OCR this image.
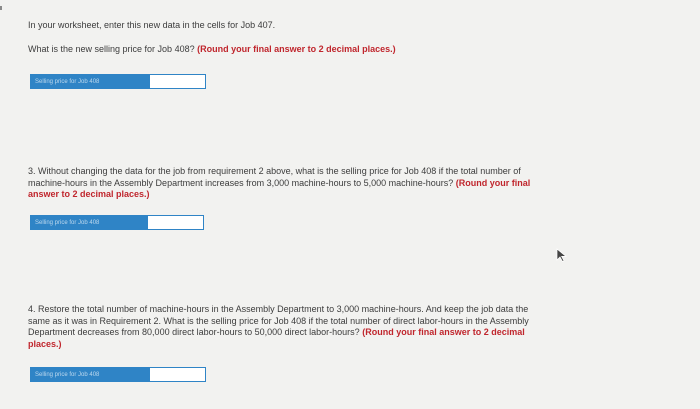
In your worksheet, enter this new data in the cells for Job 407.

What is the new selling price for Job 408? (Round your final answer to 2 decimal places.)

Selling price for Job 408

3. Without changing the data for the job from requirement 2 above, what is the selling price for Job 408 if the total number of
machine-hours in the Assembly Department increases from 3,000 machine-hours to 5,000 machine-hours? (Round your final
answer to 2 decimal places.)

Selling price for Job 408

4. Restore the total number of machine-hours in the Assembly Department to 3,000 machine-hours. And keep the job data the
same as it was in Requirement 2. What is the selling price for Job 408 if the total number of direct labor-hours in the Assembly
Department decreases from 80,000 direct labor-hours to 50,000 direct labor-hours? (Round your final answer to 2 decimal
places.)

Selling price for Job 408
